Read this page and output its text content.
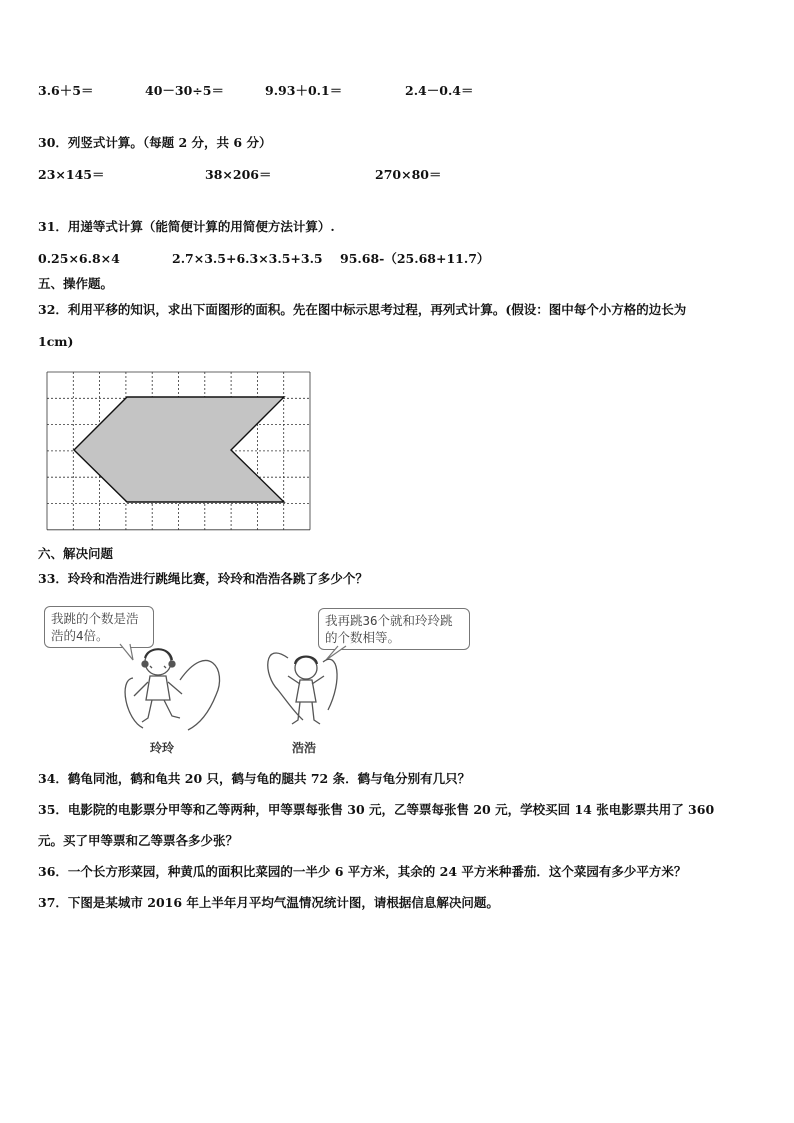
3.6＋5＝	40－30÷5＝	9.93＋0.1＝	2.4－0.4＝
30．列竖式计算。（每题 2 分，共 6 分）
23×145＝	38×206＝	270×80＝
31．用递等式计算（能简便计算的用简便方法计算）.
0.25×6.8×4	2.7×3.5+6.3×3.5+3.5 95.68-（25.68+11.7）
五、操作题。
32．利用平移的知识，求出下面图形的面积。先在图中标示思考过程，再列式计算。(假设：图中每个小方格的边长为
1cm)
六、解决问题
33．玲玲和浩浩进行跳绳比赛，玲玲和浩浩各跳了多少个？
我跳的个数是浩浩的4倍。
我再跳36个就和玲玲跳的个数相等。
玲玲	浩浩
34．鹤龟同池，鹤和龟共 20 只，鹤与龟的腿共 72 条．鹤与龟分别有几只？
35．电影院的电影票分甲等和乙等两种，甲等票每张售 30 元，乙等票每张售 20 元，学校买回 14 张电影票共用了 360
元。买了甲等票和乙等票各多少张？
36．一个长方形菜园，种黄瓜的面积比菜园的一半少 6 平方米，其余的 24 平方米种番茄．这个菜园有多少平方米？
37．下图是某城市 2016 年上半年月平均气温情况统计图，请根据信息解决问题。
